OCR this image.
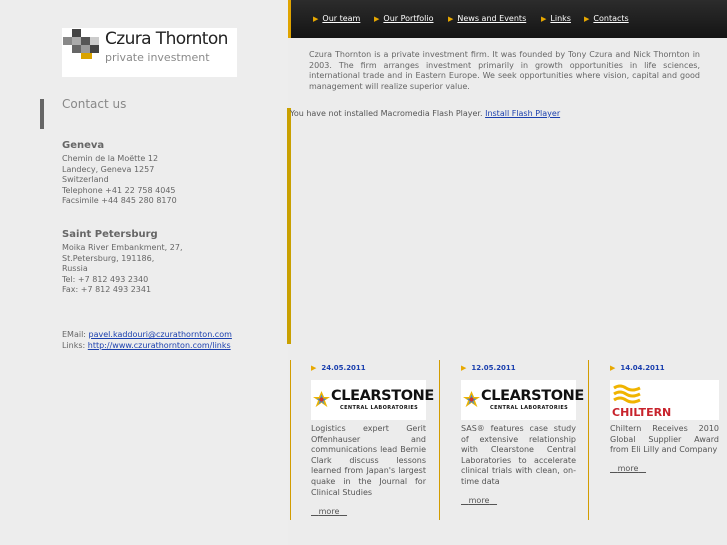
Czura Thornton
private investment
Contact us
Geneva
Chemin de la Moëtte 12
Landecy, Geneva 1257
Switzerland
Telephone +41 22 758 4045
Facsimile +44 845 280 8170
Saint Petersburg
Moika River Embankment, 27,
St.Petersburg, 191186,
Russia
Tel: +7 812 493 2340
Fax: +7 812 493 2341
EMail: pavel.kaddouri@czurathornton.com
Links: http://www.czurathornton.com/links
▶ Our team ▶ Our Portfolio ▶ News and Events ▶ Links ▶ Contacts
Czura Thornton is a private investment firm. It was founded by Tony Czura and Nick Thornton in 2003. The firm arranges investment primarily in growth opportunities in life sciences, international trade and in Eastern Europe. We seek opportunities where vision, capital and good management will realize superior value.
You have not installed Macromedia Flash Player. Install Flash Player
▶ 24.05.2011
CLEARSTONE
CENTRAL LABORATORIES
Logistics expert Gerit Offenhauser and communications lead Bernie Clark discuss lessons learned from Japan's largest quake in the Journal for Clinical Studies
more
▶ 12.05.2011
CLEARSTONE
CENTRAL LABORATORIES
SAS® features case study of extensive relationship with Clearstone Central Laboratories to accelerate clinical trials with clean, on-time data
more
▶ 14.04.2011
CHILTERN
Chiltern Receives 2010 Global Supplier Award from Eli Lilly and Company
more
